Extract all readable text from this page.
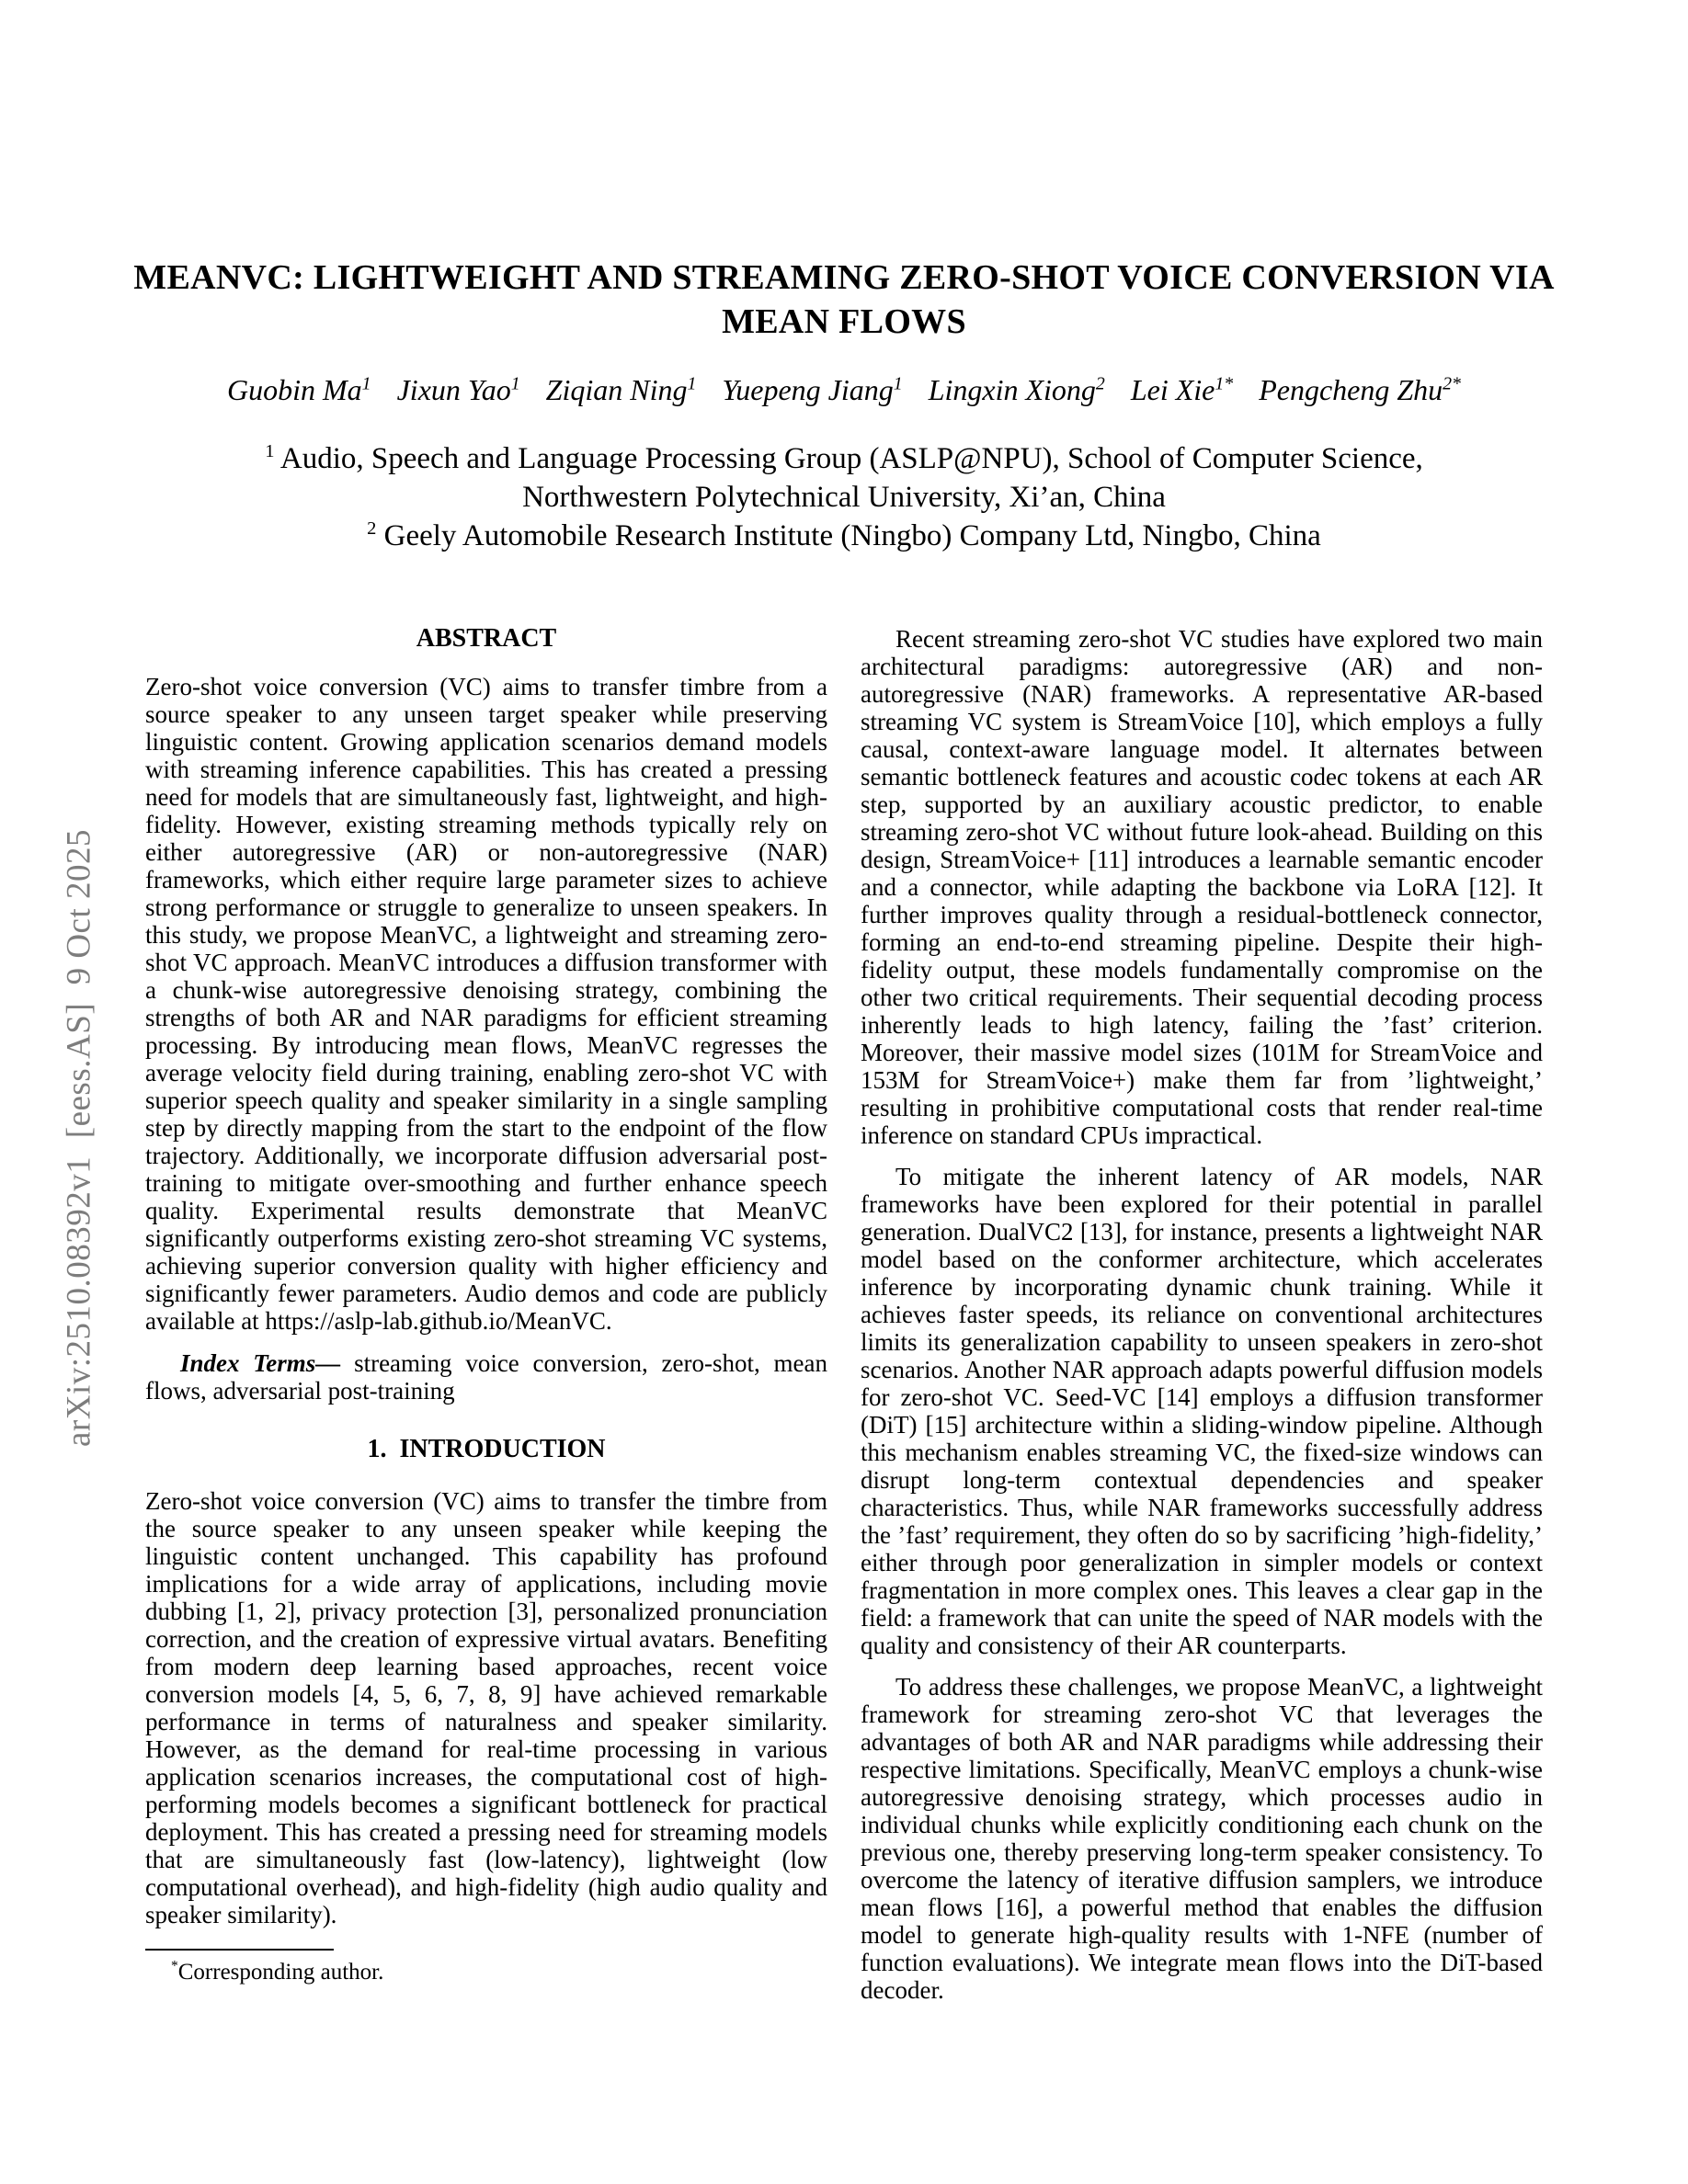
arXiv:2510.08392v1  [eess.AS]  9 Oct 2025
MEANVC: LIGHTWEIGHT AND STREAMING ZERO-SHOT VOICE CONVERSION VIA
MEAN FLOWS
Guobin Ma$^1$ Jixun Yao$^1$ Ziqian Ning$^1$ Yuepeng Jiang$^1$ Lingxin Xiong$^2$ Lei Xie$^{1*}$ Pengcheng Zhu$^{2*}$
$^1$ Audio, Speech and Language Processing Group (ASLP@NPU), School of Computer Science,
Northwestern Polytechnical University, Xi’an, China
$^2$ Geely Automobile Research Institute (Ningbo) Company Ltd, Ningbo, China
ABSTRACT

Zero-shot voice conversion (VC) aims to transfer timbre from a source speaker to any unseen target speaker while preserving linguistic content. Growing application scenarios demand models with streaming inference capabilities. This has created a pressing need for models that are simultaneously fast, lightweight, and high-fidelity. However, existing streaming methods typically rely on either autoregressive (AR) or non-autoregressive (NAR) frameworks, which either require large parameter sizes to achieve strong performance or struggle to generalize to unseen speakers. In this study, we propose MeanVC, a lightweight and streaming zero-shot VC approach. MeanVC introduces a diffusion transformer with a chunk-wise autoregressive denoising strategy, combining the strengths of both AR and NAR paradigms for efficient streaming processing. By introducing mean flows, MeanVC regresses the average velocity field during training, enabling zero-shot VC with superior speech quality and speaker similarity in a single sampling step by directly mapping from the start to the endpoint of the flow trajectory. Additionally, we incorporate diffusion adversarial post-training to mitigate over-smoothing and further enhance speech quality. Experimental results demonstrate that MeanVC significantly outperforms existing zero-shot streaming VC systems, achieving superior conversion quality with higher efficiency and significantly fewer parameters. Audio demos and code are publicly available at https://aslp-lab.github.io/MeanVC.

Index Terms— streaming voice conversion, zero-shot, mean flows, adversarial post-training

1.  INTRODUCTION

Zero-shot voice conversion (VC) aims to transfer the timbre from the source speaker to any unseen speaker while keeping the linguistic content unchanged. This capability has profound implications for a wide array of applications, including movie dubbing [1, 2], privacy protection [3], personalized pronunciation correction, and the creation of expressive virtual avatars. Benefiting from modern deep learning based approaches, recent voice conversion models [4, 5, 6, 7, 8, 9] have achieved remarkable performance in terms of naturalness and speaker similarity. However, as the demand for real-time processing in various application scenarios increases, the computational cost of high-performing models becomes a significant bottleneck for practical deployment. This has created a pressing need for streaming models that are simultaneously fast (low-latency), lightweight (low computational overhead), and high-fidelity (high audio quality and speaker similarity).

*Corresponding author.

Recent streaming zero-shot VC studies have explored two main architectural paradigms: autoregressive (AR) and non-autoregressive (NAR) frameworks. A representative AR-based streaming VC system is StreamVoice [10], which employs a fully causal, context-aware language model. It alternates between semantic bottleneck features and acoustic codec tokens at each AR step, supported by an auxiliary acoustic predictor, to enable streaming zero-shot VC without future look-ahead. Building on this design, StreamVoice+ [11] introduces a learnable semantic encoder and a connector, while adapting the backbone via LoRA [12]. It further improves quality through a residual-bottleneck connector, forming an end-to-end streaming pipeline. Despite their high-fidelity output, these models fundamentally compromise on the other two critical requirements. Their sequential decoding process inherently leads to high latency, failing the ’fast’ criterion. Moreover, their massive model sizes (101M for StreamVoice and 153M for StreamVoice+) make them far from ’lightweight,’ resulting in prohibitive computational costs that render real-time inference on standard CPUs impractical.

To mitigate the inherent latency of AR models, NAR frameworks have been explored for their potential in parallel generation. DualVC2 [13], for instance, presents a lightweight NAR model based on the conformer architecture, which accelerates inference by incorporating dynamic chunk training. While it achieves faster speeds, its reliance on conventional architectures limits its generalization capability to unseen speakers in zero-shot scenarios. Another NAR approach adapts powerful diffusion models for zero-shot VC. Seed-VC [14] employs a diffusion transformer (DiT) [15] architecture within a sliding-window pipeline. Although this mechanism enables streaming VC, the fixed-size windows can disrupt long-term contextual dependencies and speaker characteristics. Thus, while NAR frameworks successfully address the ’fast’ requirement, they often do so by sacrificing ’high-fidelity,’ either through poor generalization in simpler models or context fragmentation in more complex ones. This leaves a clear gap in the field: a framework that can unite the speed of NAR models with the quality and consistency of their AR counterparts.

To address these challenges, we propose MeanVC, a lightweight framework for streaming zero-shot VC that leverages the advantages of both AR and NAR paradigms while addressing their respective limitations. Specifically, MeanVC employs a chunk-wise autoregressive denoising strategy, which processes audio in individual chunks while explicitly conditioning each chunk on the previous one, thereby preserving long-term speaker consistency. To overcome the latency of iterative diffusion samplers, we introduce mean flows [16], a powerful method that enables the diffusion model to generate high-quality results with 1-NFE (number of function evaluations). We integrate mean flows into the DiT-based decoder.
